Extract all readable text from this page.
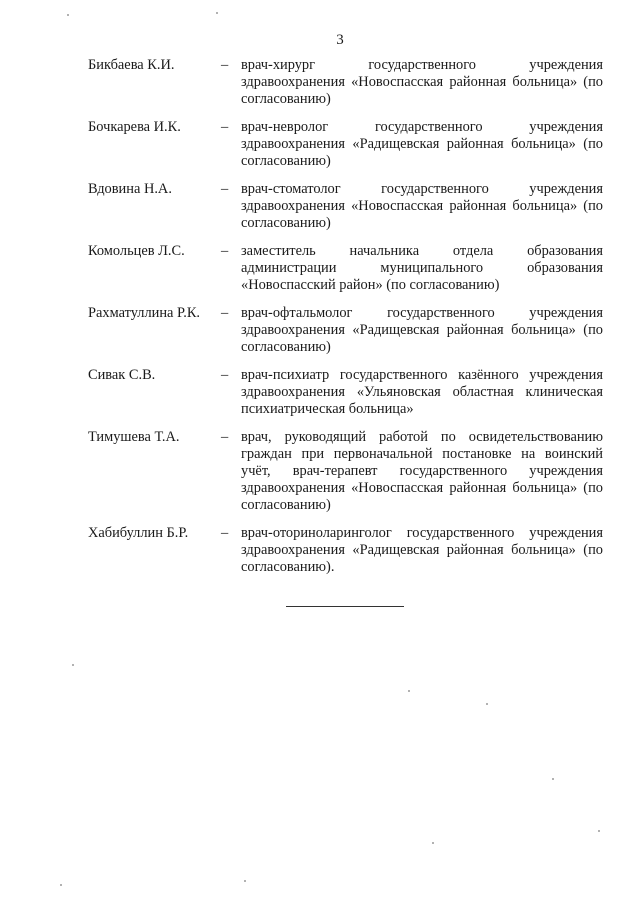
3
Бикбаева К.И.	– врач-хирург государственного учреждения здравоохранения «Новоспасская районная больница» (по согласованию)
Бочкарева И.К.	– врач-невролог государственного учреждения здравоохранения «Радищевская районная больница» (по согласованию)
Вдовина Н.А.	– врач-стоматолог государственного учреждения здравоохранения «Новоспасская районная больница» (по согласованию)
Комольцев Л.С.	– заместитель начальника отдела образования администрации муниципального образования «Новоспасский район» (по согласованию)
Рахматуллина Р.К. – врач-офтальмолог государственного учреждения здравоохранения «Радищевская районная больница» (по согласованию)
Сивак С.В.	– врач-психиатр государственного казённого учреждения здравоохранения «Ульяновская областная клиническая психиатрическая больница»
Тимушева Т.А.	– врач, руководящий работой по освидетельствованию граждан при первоначальной постановке на воинский учёт, врач-терапевт государственного учреждения здравоохранения «Новоспасская районная больница» (по согласованию)
Хабибуллин Б.Р. – врач-оториноларинголог государственного учреждения здравоохранения «Радищевская районная больница» (по согласованию).
